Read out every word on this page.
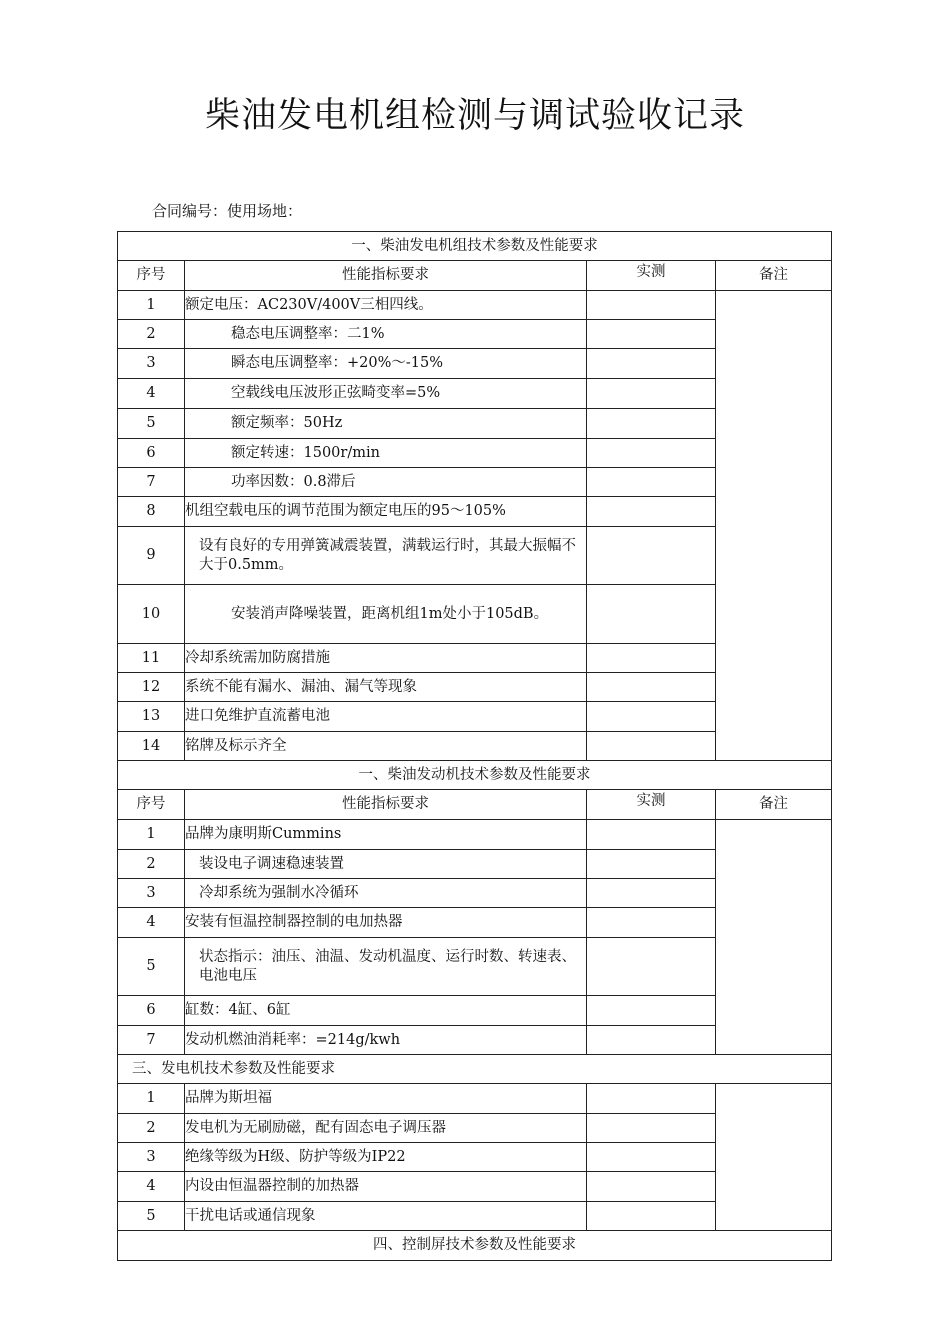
柴油发电机组检测与调试验收记录
合同编号：使用场地：
一、柴油发电机组技术参数及性能要求			
序号	性能指标要求	实测	备注
1	额定电压：AC230V/400V三相四线。		
2	稳态电压调整率：二1%		
3	瞬态电压调整率：+20%〜-15%		
4	空载线电压波形正弦畸变率=5%		
5	额定频率：50Hz		
6	额定转速：1500r/min		
7	功率因数：0.8滞后		
8	机组空载电压的调节范围为额定电压的95〜105%		
9	设有良好的专用弹簧减震装置，满载运行时，其最大振幅不大于0.5mm。		
10	安装消声降噪装置，距离机组1m处小于105dB。		

11	冷却系统需加防腐措施		
12	系统不能有漏水、漏油、漏气等现象		
13	进口免维护直流蓄电池		
14	铭牌及标示齐全		
一、柴油发动机技术参数及性能要求			
序号	性能指标要求	实测	备注
1	品牌为康明斯Cummins		
2	装设电子调速稳速装置		
3	冷却系统为强制水冷循环		
4	安装有恒温控制器控制的电加热器		
5	状态指示：油压、油温、发动机温度、运行时数、转速表、电池电压		
6	缸数：4缸、6缸		
7	发动机燃油消耗率：=214g/kwh		
三、发电机技术参数及性能要求			
1	品牌为斯坦福		
2	发电机为无刷励磁，配有固态电子调压器		
3	绝缘等级为H级、防护等级为IP22		
4	内设由恒温器控制的加热器		
5	干扰电话或通信现象		
四、控制屏技术参数及性能要求			
